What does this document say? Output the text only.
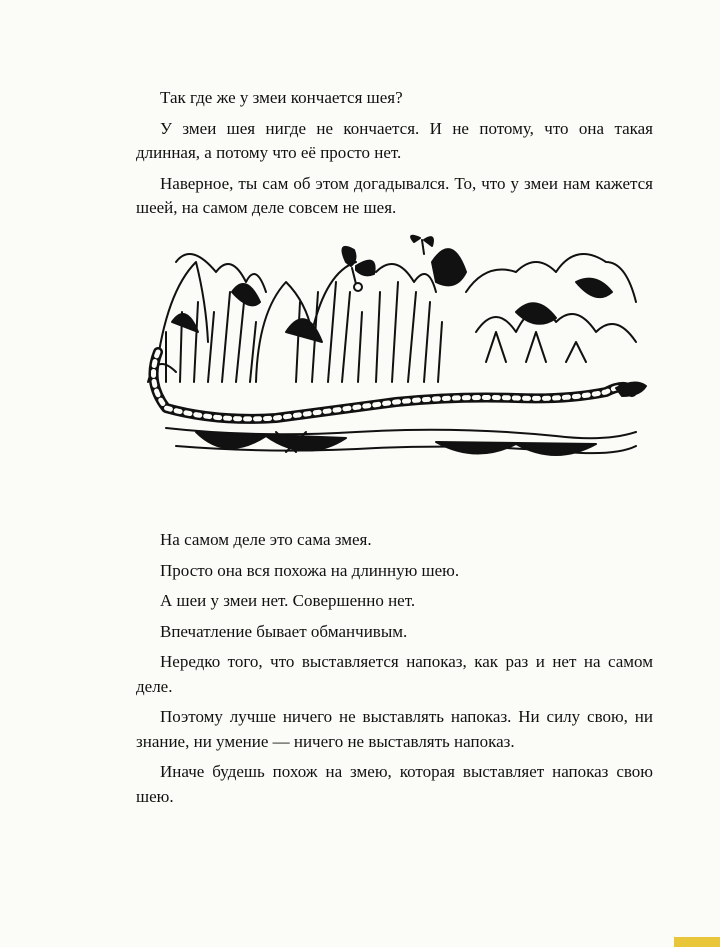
Так где же у змеи кончается шея?

У змеи шея нигде не кончается. И не потому, что она такая длинная, а потому что её просто нет.

Наверное, ты сам об этом догадывался. То, что у змеи нам кажется шеей, на самом деле совсем не шея.

На самом деле это сама змея.

Просто она вся похожа на длинную шею.

А шеи у змеи нет. Совершенно нет.

Впечатление бывает обманчивым.

Нередко того, что выставляется напоказ, как раз и нет на самом деле.

Поэтому лучше ничего не выставлять напоказ. Ни силу свою, ни знание, ни умение — ничего не выставлять напоказ.

Иначе будешь похож на змею, которая выставляет напоказ свою шею.
